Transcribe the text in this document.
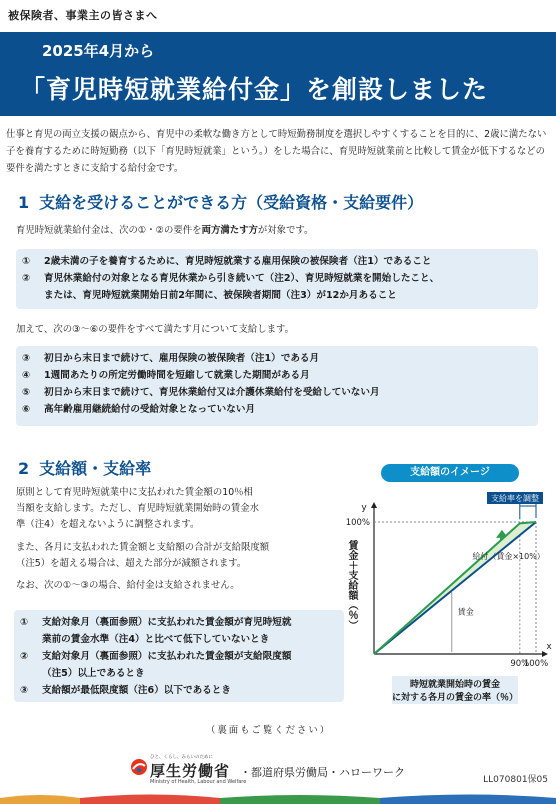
被保険者、事業主の皆さまへ
2025年4月から
「育児時短就業給付金」を創設しました
仕事と育児の両立支援の観点から、育児中の柔軟な働き方として時短勤務制度を選択しやすくすることを目的に、2歳に満たない子を養育するために時短勤務（以下「育児時短就業」という。）をした場合に、育児時短就業前と比較して賃金が低下するなどの要件を満たすときに支給する給付金です。
1 支給を受けることができる方（受給資格・支給要件）
育児時短就業給付金は、次の①・②の要件を両方満たす方が対象です。
①	2歳未満の子を養育するために、育児時短就業する雇用保険の被保険者（注1）であること
②	育児休業給付の対象となる育児休業から引き続いて（注2）、育児時短就業を開始したこと、
または、育児時短就業開始日前2年間に、被保険者期間（注3）が12か月あること
加えて、次の③～⑥の要件をすべて満たす月について支給します。
③	初日から末日まで続けて、雇用保険の被保険者（注1）である月
④	1週間あたりの所定労働時間を短縮して就業した期間がある月
⑤	初日から末日まで続けて、育児休業給付又は介護休業給付を受給していない月
⑥	高年齢雇用継続給付の受給対象となっていない月
2 支給額・支給率
原則として育児時短就業中に支払われた賃金額の10％相
当額を支給します。ただし、育児時短就業開始時の賃金水
準（注4）を超えないように調整されます。
また、各月に支払われた賃金額と支給額の合計が支給限度額
（注5）を超える場合は、超えた部分が減額されます。
なお、次の①～③の場合、給付金は支給されません。
①	支給対象月（裏面参照）に支払われた賃金額が育児時短就
業前の賃金水準（注4）と比べて低下していないとき
②	支給対象月（裏面参照）に支払われた賃金額が支給限度額
（注5）以上であるとき
③	支給額が最低限度額（注6）以下であるとき
支給額のイメージ
支給率を調整
100%
y
x
給付（賃金×10%）
賃金
時短就業開始時の賃金
に対する各月の賃金の率（％）
90%
100%
賃金＋支給額（％）
（裏面もご覧ください）
ひと、くらし、みらいのために
厚生労働省
Ministry of Health, Labour and Welfare
・都道府県労働局・ハローワーク
LL070801保05
